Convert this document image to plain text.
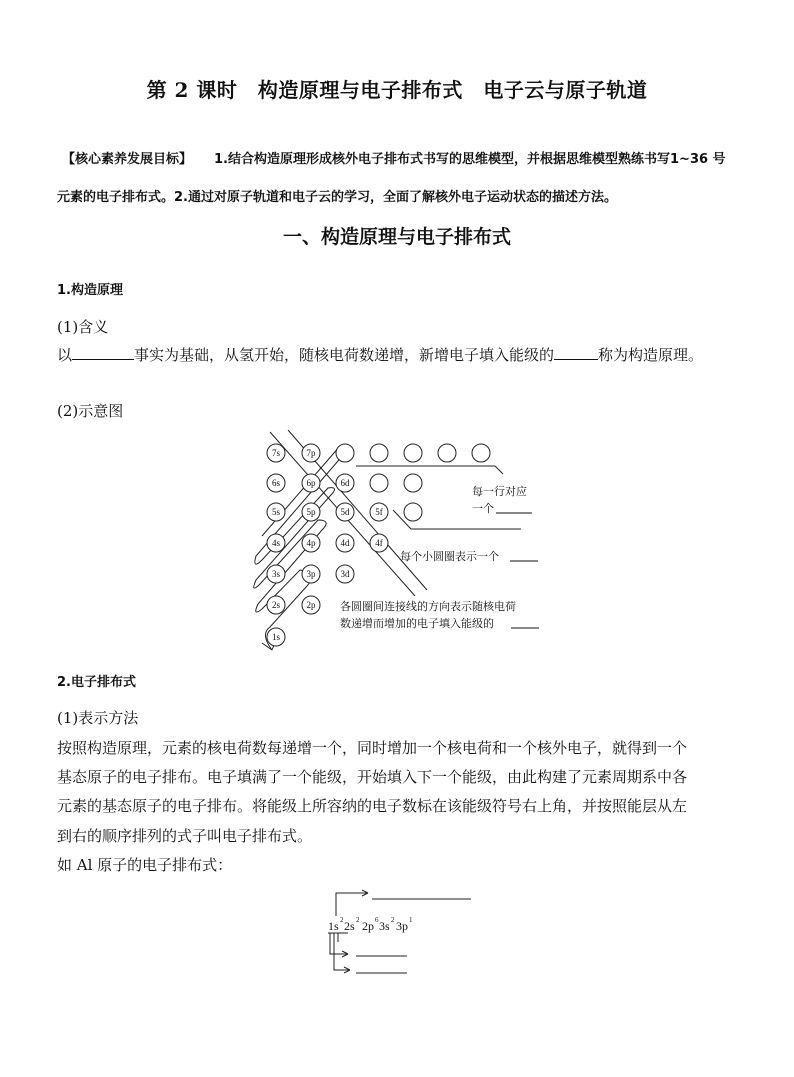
第 2 课时　构造原理与电子排布式　电子云与原子轨道
【核心素养发展目标】 1.结合构造原理形成核外电子排布式书写的思维模型，并根据思维模型熟练书写1~36 号
元素的电子排布式。2.通过对原子轨道和电子云的学习，全面了解核外电子运动状态的描述方法。
一、构造原理与电子排布式
1.构造原理
(1)含义
以	事实为基础，从氢开始，随核电荷数递增，新增电子填入能级的	称为构造原理。
(2)示意图
7s	7p
6s	6p	6d
5s	5p	5d	5f
4s	4p	4d	4f
3s	3p	3d
2s	2p
1s
每一行对应
一个
每个小圆圈表示一个
各圆圈间连接线的方向表示随核电荷
数递增而增加的电子填入能级的
2.电子排布式
(1)表示方法
按照构造原理，元素的核电荷数每递增一个，同时增加一个核电荷和一个核外电子，就得到一个
基态原子的电子排布。电子填满了一个能级，开始填入下一个能级，由此构建了元素周期系中各
元素的基态原子的电子排布。将能级上所容纳的电子数标在该能级符号右上角，并按照能层从左
到右的顺序排列的式子叫电子排布式。
如 Al 原子的电子排布式：
1s 2 2s 2 2p 6 3s 2 3p 1
